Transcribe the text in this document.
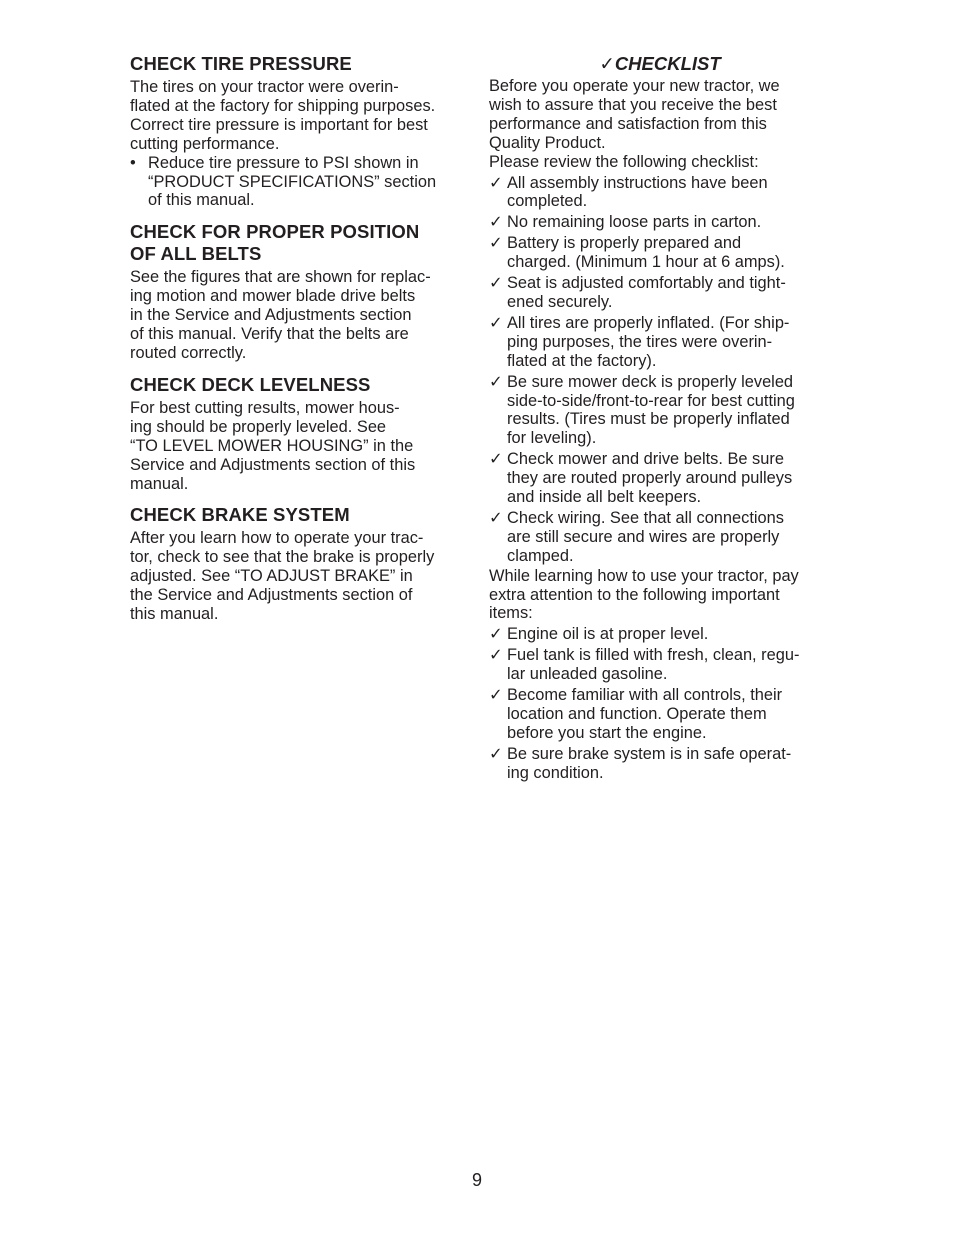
CHECK TIRE PRESSURE

The tires on your tractor were overin-
flated at the factory for shipping purposes.
Correct tire pressure is important for best
cutting performance.

• Reduce tire pressure to PSI shown in
“PRODUCT SPECIFICATIONS” section
of this manual.
CHECK FOR PROPER POSITION
OF ALL BELTS

See the figures that are shown for replac-
ing motion and mower blade drive belts
in the Service and Adjustments section
of this manual. Verify that the belts are
routed correctly.

CHECK DECK LEVELNESS

For best cutting results, mower hous-
ing should be properly leveled. See
“TO LEVEL MOWER HOUSING” in the
Service and Adjustments section of this
manual.

CHECK BRAKE SYSTEM

After you learn how to operate your trac-
tor, check to see that the brake is properly
adjusted. See “TO ADJUST BRAKE” in
the Service and Adjustments section of
this manual.

✓CHECKLIST

Before you operate your new tractor, we
wish to assure that you receive the best
performance and satisfaction from this
Quality Product.
Please review the following checklist:

✓ All assembly instructions have been
completed.
✓ No remaining loose parts in carton.
✓ Battery is properly prepared and
charged. (Minimum 1 hour at 6 amps).
✓ Seat is adjusted comfortably and tight-
ened securely.
✓ All tires are properly inflated. (For ship-
ping purposes, the tires were overin-
flated at the factory).
✓ Be sure mower deck is properly leveled
side-to-side/front-to-rear for best cutting
results. (Tires must be properly inflated
for leveling).
✓ Check mower and drive belts. Be sure
they are routed properly around pulleys
and inside all belt keepers.
✓ Check wiring. See that all connections
are still secure and wires are properly
clamped.

While learning how to use your tractor, pay
extra attention to the following important
items:

✓ Engine oil is at proper level.
✓ Fuel tank is filled with fresh, clean, regu-
lar unleaded gasoline.
✓ Become familiar with all controls, their
location and function. Operate them
before you start the engine.
✓ Be sure brake system is in safe operat-
ing condition.
9
